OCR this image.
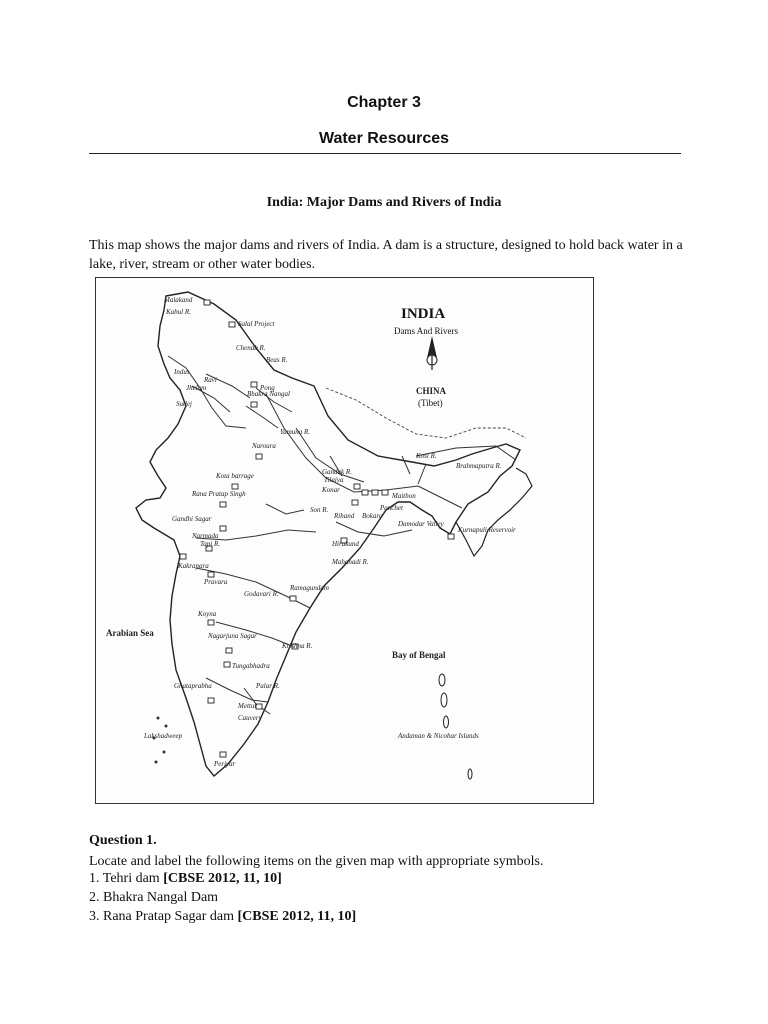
Chapter 3
Water Resources
India: Major Dams and Rivers of India
This map shows the major dams and rivers of India. A dam is a structure, designed to hold back water in a lake, river, stream or other water bodies.
INDIA
Dams And Rivers
CHINA
(Tibet)
Arabian Sea
Bay of Bengal
Andaman & Nicobar Islands
Lakshadweep
Malakand
Salal Project
Bhakra Nangal
Naroura
Kota barrage
Rana Pratap Singh
Gandhi Sagar
Kakrapara
Pravara
Koyna
Nagarjuna Sagar
Tungabhadra
Ghataprabha
Mettur
Periyar
Hirakund
Ramagundam
Tilaiya
Konar
Maithon
Panchet
Bokaro
Rihand
Kurnapuli Reservoir
Pong
Damodar Valley
Kabul R.
Chenab R.
Beas R.
Indus
Jhelum
Ravi
Sutlej
Yamuna R.
Gandak R.
Kosi R.
Brahmaputra R.
Son R.
Narmada
Tapi R.
Godavari R.
Mahanadi R.
Krishna R.
Cauvery
Palar R.
Question 1.
Locate and label the following items on the given map with appropriate symbols.
1. Tehri dam [CBSE 2012, 11, 10]
2. Bhakra Nangal Dam
3. Rana Pratap Sagar dam [CBSE 2012, 11, 10]
